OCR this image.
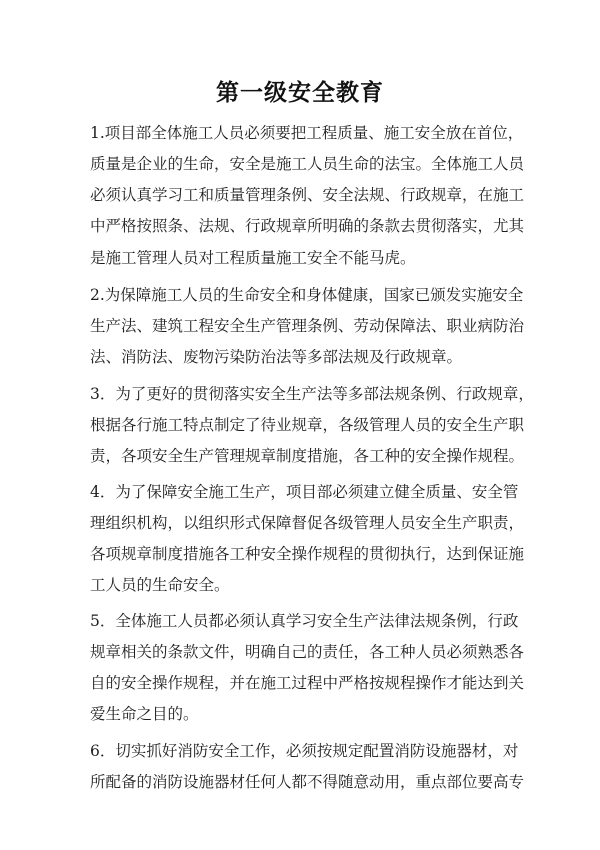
第一级安全教育
1.项目部全体施工人员必须要把工程质量、施工安全放在首位，
质量是企业的生命，安全是施工人员生命的法宝。全体施工人员
必须认真学习工和质量管理条例、安全法规、行政规章，在施工
中严格按照条、法规、行政规章所明确的条款去贯彻落实，尤其
是施工管理人员对工程质量施工安全不能马虎。
2.为保障施工人员的生命安全和身体健康，国家已颁发实施安全
生产法、建筑工程安全生产管理条例、劳动保障法、职业病防治
法、消防法、废物污染防治法等多部法规及行政规章。
3．为了更好的贯彻落实安全生产法等多部法规条例、行政规章，
根据各行施工特点制定了待业规章，各级管理人员的安全生产职
责，各项安全生产管理规章制度措施，各工种的安全操作规程。
4．为了保障安全施工生产，项目部必须建立健全质量、安全管
理组织机构，以组织形式保障督促各级管理人员安全生产职责，
各项规章制度措施各工种安全操作规程的贯彻执行，达到保证施
工人员的生命安全。
5．全体施工人员都必须认真学习安全生产法律法规条例，行政
规章相关的条款文件，明确自己的责任，各工种人员必须熟悉各
自的安全操作规程，并在施工过程中严格按规程操作才能达到关
爱生命之目的。
6．切实抓好消防安全工作，必须按规定配置消防设施器材，对
所配备的消防设施器材任何人都不得随意动用，重点部位要高专
